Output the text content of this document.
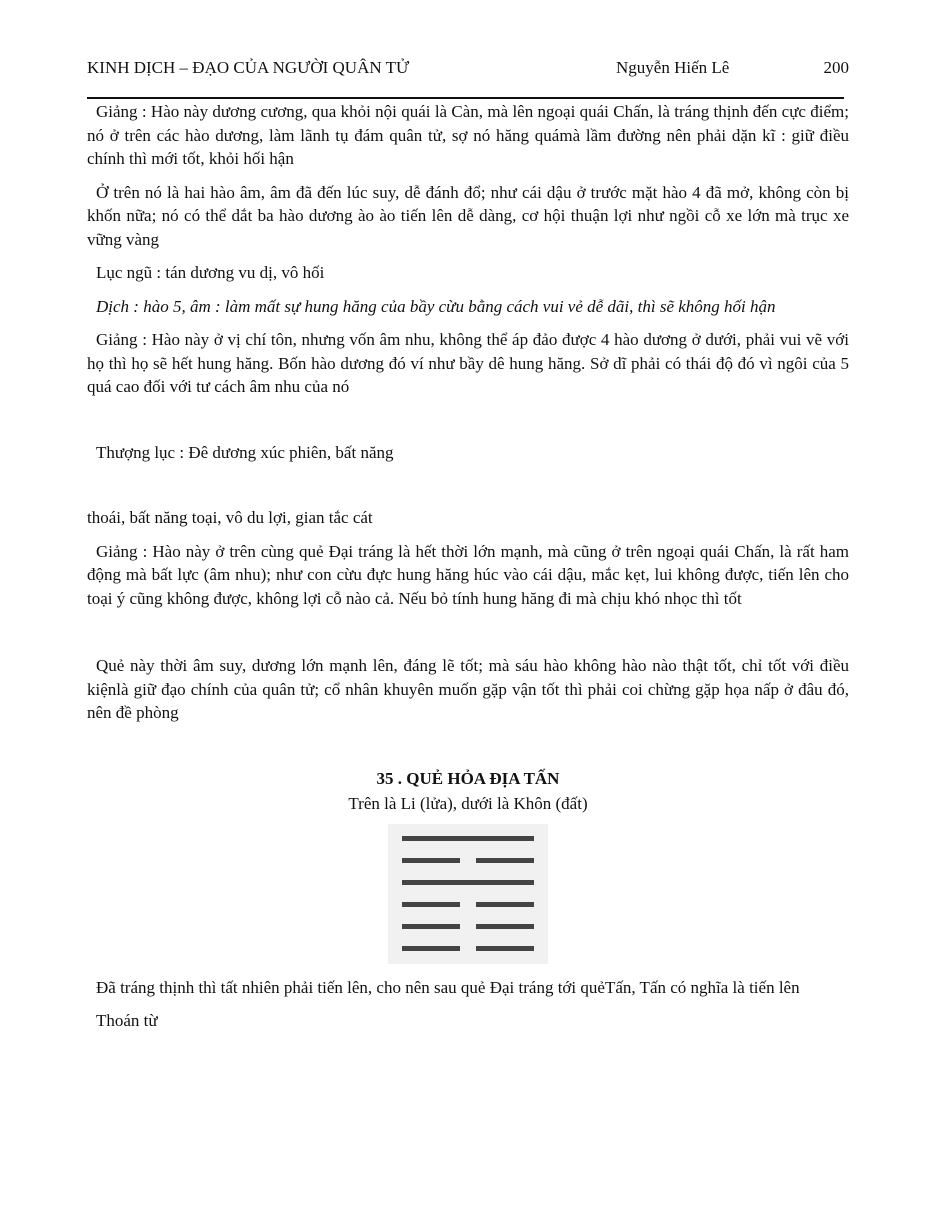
KINH DỊCH – ĐẠO CỦA NGƯỜI QUÂN TỬ	Nguyễn Hiến Lê	200

Giảng : Hào này dương cương, qua khỏi nội quái là Càn, mà lên ngoại quái Chấn, là tráng thịnh đến cực điểm; nó ở trên các hào dương, làm lãnh tụ đám quân tử, sợ nó hăng quámà lầm đường nên phải dặn kĩ : giữ điều chính thì mới tốt, khỏi hối hận

Ở trên nó là hai hào âm, âm đã đến lúc suy, dễ đánh đổ; như cái dậu ở trước mặt hào 4 đã mở, không còn bị khốn nữa; nó có thể dắt ba hào dương ào ào tiến lên dễ dàng, cơ hội thuận lợi như ngồi cỗ xe lớn mà trục xe vững vàng

Lục ngũ : tán dương vu dị, vô hối

Dịch : hào 5, âm : làm mất sự hung hăng của bầy cừu bằng cách vui vẻ dễ dãi, thì sẽ không hối hận

Giảng : Hào này ở vị chí tôn, nhưng vốn âm nhu, không thể áp đảo được 4 hào dương ở dưới, phải vui vẽ với họ thì họ sẽ hết hung hăng. Bốn hào dương đó ví như bầy dê hung hăng. Sở dĩ phải có thái độ đó vì ngôi của 5 quá cao đối với tư cách âm nhu của nó

Thượng lục : Đê dương xúc phiên, bất năng

thoái, bất năng toại, vô du lợi, gian tắc cát

Giảng : Hào này ở trên cùng quẻ Đại tráng là hết thời lớn mạnh, mà cũng ở trên ngoại quái Chấn, là rất ham động mà bất lực (âm nhu); như con cừu đực hung hăng húc vào cái dậu, mắc kẹt, lui không được, tiến lên cho toại ý cũng không được, không lợi cỗ nào cả. Nếu bỏ tính hung hăng đi mà chịu khó nhọc thì tốt

Quẻ này thời âm suy, dương lớn mạnh lên, đáng lẽ tốt; mà sáu hào không hào nào thật tốt, chỉ tốt với điều kiệnlà giữ đạo chính của quân tử; cổ nhân khuyên muốn gặp vận tốt thì phải coi chừng gặp họa nấp ở đâu đó, nên đề phòng

35 . QUẺ HỎA ĐỊA TẤN

Trên là Li (lửa), dưới là Khôn (đất)

Đã tráng thịnh thì tất nhiên phải tiến lên, cho nên sau quẻ Đại tráng tới quẻTấn, Tấn có nghĩa là tiến lên

Thoán từ
